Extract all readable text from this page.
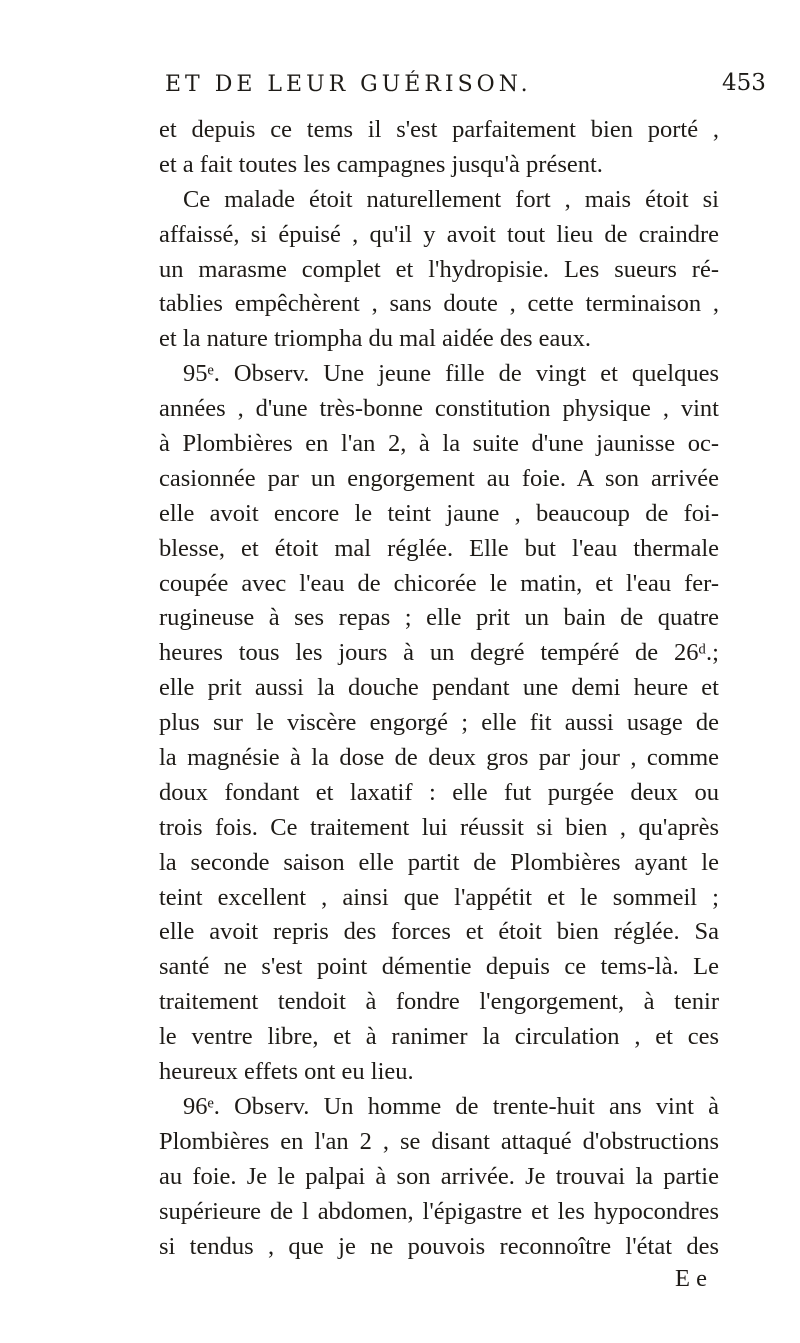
ET DE LEUR GUÉRISON.	453
et depuis ce tems il s'est parfaitement bien porté ,
et a fait toutes les campagnes jusqu'à présent.
Ce malade étoit naturellement fort , mais étoit si
affaissé, si épuisé , qu'il y avoit tout lieu de craindre
un marasme complet et l'hydropisie. Les sueurs ré-
tablies empêchèrent , sans doute , cette terminaison ,
et la nature triompha du mal aidée des eaux.
95ᵉ. Observ. Une jeune fille de vingt et quelques
années , d'une très-bonne constitution physique , vint
à Plombières en l'an 2, à la suite d'une jaunisse oc-
casionnée par un engorgement au foie. A son arrivée
elle avoit encore le teint jaune , beaucoup de foi-
blesse, et étoit mal réglée. Elle but l'eau thermale
coupée avec l'eau de chicorée le matin, et l'eau fer-
rugineuse à ses repas ; elle prit un bain de quatre
heures tous les jours à un degré tempéré de 26ᵈ.;
elle prit aussi la douche pendant une demi heure et
plus sur le viscère engorgé ; elle fit aussi usage de
la magnésie à la dose de deux gros par jour , comme
doux fondant et laxatif : elle fut purgée deux ou
trois fois. Ce traitement lui réussit si bien , qu'après
la seconde saison elle partit de Plombières ayant le
teint excellent , ainsi que l'appétit et le sommeil ;
elle avoit repris des forces et étoit bien réglée. Sa
santé ne s'est point démentie depuis ce tems-là. Le
traitement tendoit à fondre l'engorgement, à tenir
le ventre libre, et à ranimer la circulation , et ces
heureux effets ont eu lieu.
96ᵉ. Observ. Un homme de trente-huit ans vint à
Plombières en l'an 2 , se disant attaqué d'obstructions
au foie. Je le palpai à son arrivée. Je trouvai la partie
supérieure de l abdomen, l'épigastre et les hypocondres
si tendus , que je ne pouvois reconnoître l'état des
E e
